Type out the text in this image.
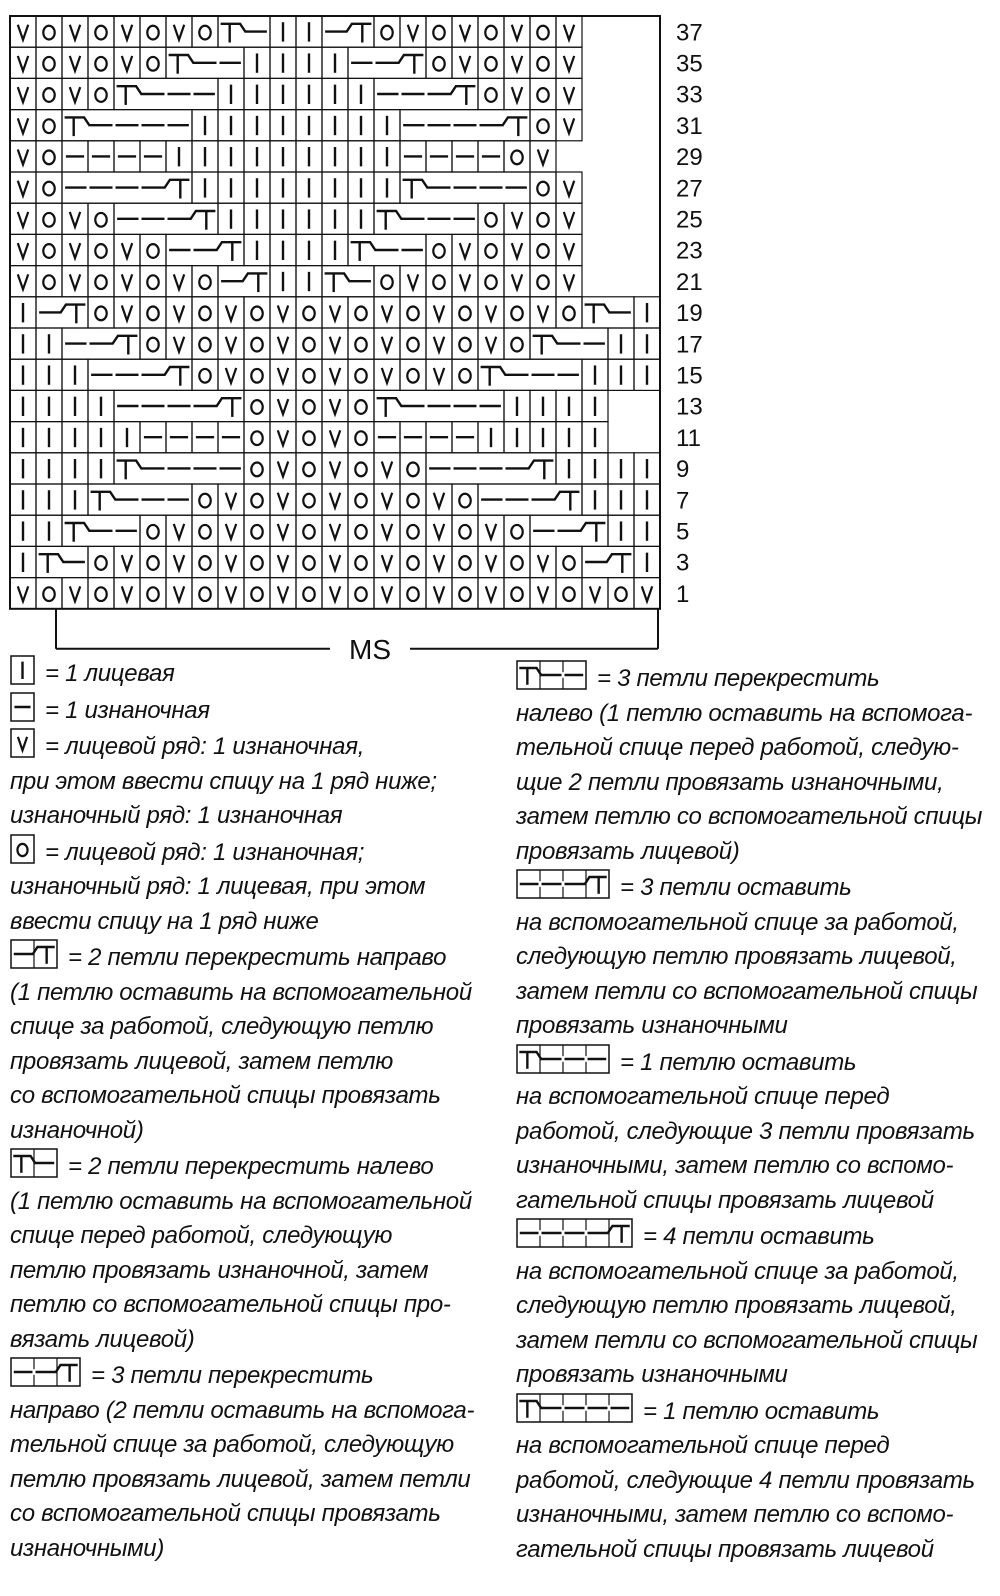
1
3
5
7
9
11
13
15
17
19
21
23
25
27
29
31
33
35
37
MS
= 1 лицевая
= 1 изнаночная
= лицевой ряд: 1 изнаночная,
при этом ввести спицу на 1 ряд ниже;
изнаночный ряд: 1 изнаночная
= лицевой ряд: 1 изнаночная;
изнаночный ряд: 1 лицевая, при этом
ввести спицу на 1 ряд ниже
= 2 петли перекрестить направо
(1 петлю оставить на вспомогательной
спице за работой, следующую петлю
провязать лицевой, затем петлю
со вспомогательной спицы провязать
изнаночной)
= 2 петли перекрестить налево
(1 петлю оставить на вспомогательной
спице перед работой, следующую
петлю провязать изнаночной, затем
петлю со вспомогательной спицы про-
вязать лицевой)
= 3 петли перекрестить
направо (2 петли оставить на вспомога-
тельной спице за работой, следующую
петлю провязать лицевой, затем петли
со вспомогательной спицы провязать
изнаночными)
= 3 петли перекрестить
налево (1 петлю оставить на вспомога-
тельной спице перед работой, следую-
щие 2 петли провязать изнаночными,
затем петлю со вспомогательной спицы
провязать лицевой)
= 3 петли оставить
на вспомогательной спице за работой,
следующую петлю провязать лицевой,
затем петли со вспомогательной спицы
провязать изнаночными
= 1 петлю оставить
на вспомогательной спице перед
работой, следующие 3 петли провязать
изнаночными, затем петлю со вспомо-
гательной спицы провязать лицевой
= 4 петли оставить
на вспомогательной спице за работой,
следующую петлю провязать лицевой,
затем петли со вспомогательной спицы
провязать изнаночными
= 1 петлю оставить
на вспомогательной спице перед
работой, следующие 4 петли провязать
изнаночными, затем петлю со вспомо-
гательной спицы провязать лицевой
